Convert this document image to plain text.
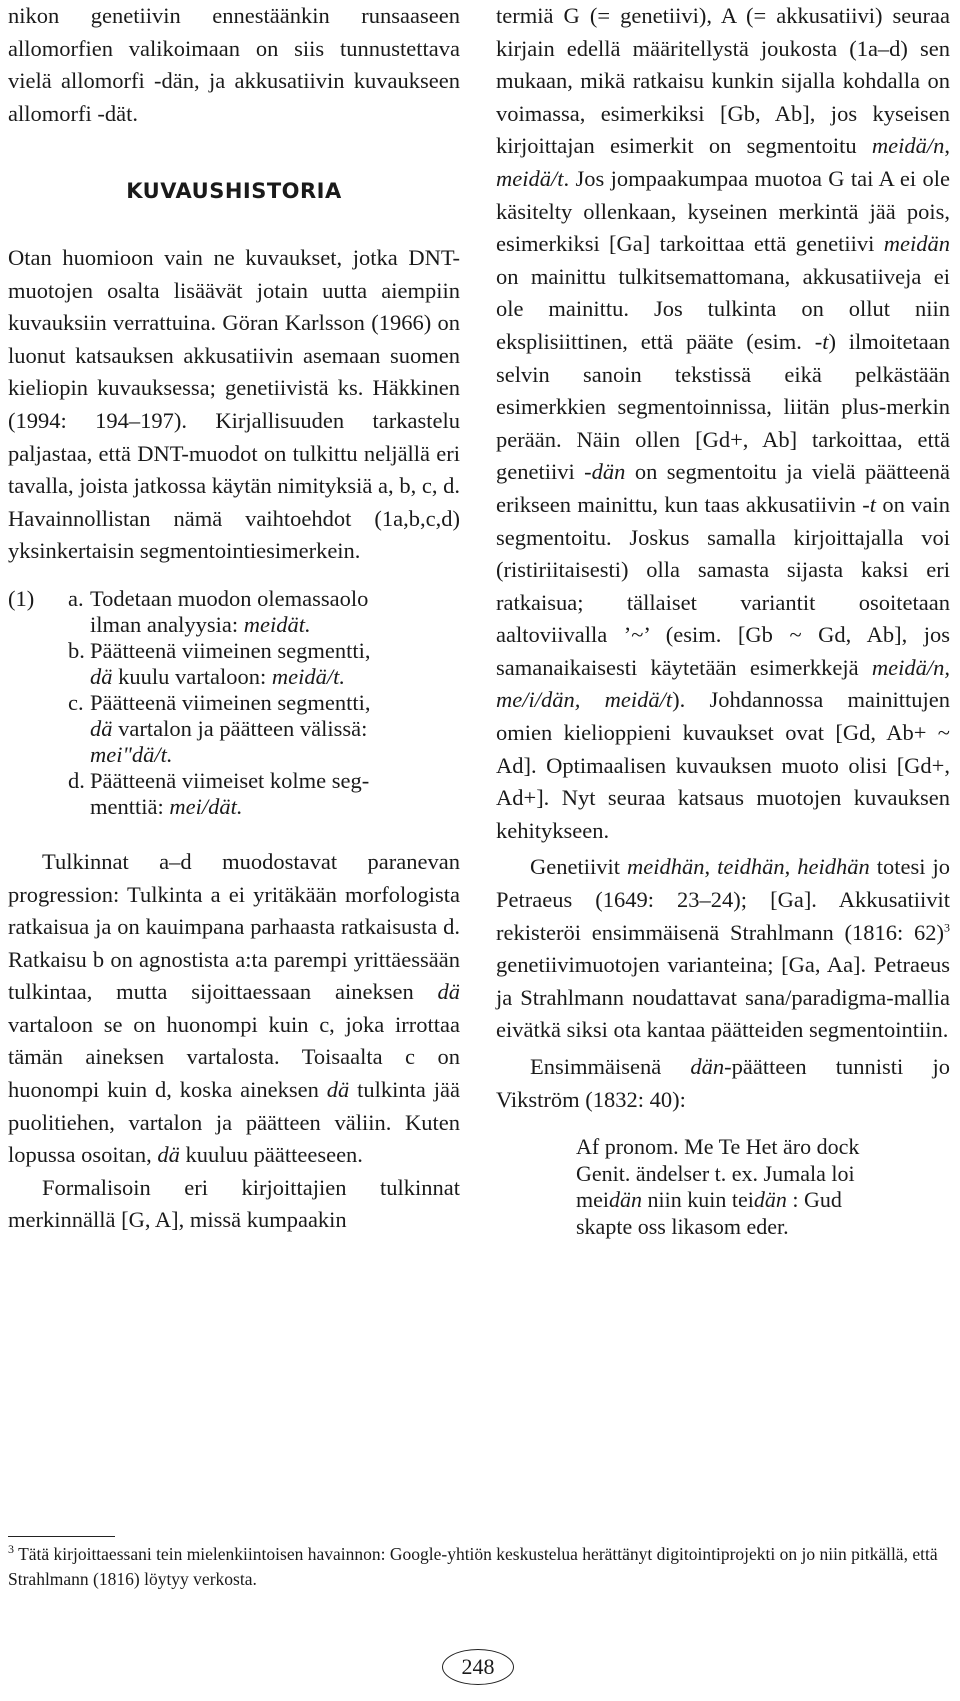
nikon genetiivin ennestäänkin runsaaseen allomorfien valikoimaan on siis tunnustettava vielä allomorfi -dän, ja akkusatiivin kuvaukseen allomorfi -dät.

KUVAUSHISTORIA

Otan huomioon vain ne kuvaukset, jotka DNT-muotojen osalta lisäävät jotain uutta aiempiin kuvauksiin verrattuina. Göran Karlsson (1966) on luonut katsauksen akkusatiivin asemaan suomen kieliopin kuvauksessa; genetiivistä ks. Häkkinen (1994: 194–197). Kirjallisuuden tarkastelu paljastaa, että DNT-muodot on tulkittu neljällä eri tavalla, joista jatkossa käytän nimityksiä a, b, c, d. Havainnollistan nämä vaihtoehdot (1a,b,c,d) yksinkertaisin segmentointiesimerkein.

(1) a. Todetaan muodon olemassaolo
ilman analyysia: meidät.
b. Päätteenä viimeinen segmentti,
dä kuulu vartaloon: meidä/t.
c. Päätteenä viimeinen segmentti,
dä vartalon ja päätteen välissä:
mei"dä/t.
d. Päätteenä viimeiset kolme seg-
menttiä: mei/dät.

Tulkinnat a–d muodostavat paranevan progression: Tulkinta a ei yritäkään morfologista ratkaisua ja on kauimpana parhaasta ratkaisusta d. Ratkaisu b on agnostista a:ta parempi yrittäessään tulkintaa, mutta sijoittaessaan aineksen dä vartaloon se on huonompi kuin c, joka irrottaa tämän aineksen vartalosta. Toisaalta c on huonompi kuin d, koska aineksen dä tulkinta jää puolitiehen, vartalon ja päätteen väliin. Kuten lopussa osoitan, dä kuuluu päätteeseen.

Formalisoin eri kirjoittajien tulkinnat merkinnällä [G, A], missä kumpaakin

termiä G (= genetiivi), A (= akkusatiivi) seuraa kirjain edellä määritellystä joukosta (1a–d) sen mukaan, mikä ratkaisu kunkin sijalla kohdalla on voimassa, esimerkiksi [Gb, Ab], jos kyseisen kirjoittajan esimerkit on segmentoitu meidä/n, meidä/t. Jos jompaakumpaa muotoa G tai A ei ole käsitelty ollenkaan, kyseinen merkintä jää pois, esimerkiksi [Ga] tarkoittaa että genetiivi meidän on mainittu tulkitsemattomana, akkusatiiveja ei ole mainittu. Jos tulkinta on ollut niin eksplisiittinen, että pääte (esim. -t) ilmoitetaan selvin sanoin tekstissä eikä pelkästään esimerkkien segmentoinnissa, liitän plus-merkin perään. Näin ollen [Gd+, Ab] tarkoittaa, että genetiivi -dän on segmentoitu ja vielä päätteenä erikseen mainittu, kun taas akkusatiivin -t on vain segmentoitu. Joskus samalla kirjoittajalla voi (ristiriitaisesti) olla samasta sijasta kaksi eri ratkaisua; tällaiset variantit osoitetaan aaltoviivalla ’~’ (esim. [Gb ~ Gd, Ab], jos samanaikaisesti käytetään esimerkkejä meidä/n, me/i/dän, meidä/t). Johdannossa mainittujen omien kielioppieni kuvaukset ovat [Gd, Ab+ ~ Ad]. Optimaalisen kuvauksen muoto olisi [Gd+, Ad+]. Nyt seuraa katsaus muotojen kuvauksen kehitykseen.

Genetiivit meidhän, teidhän, heidhän totesi jo Petraeus (1649: 23–24); [Ga]. Akkusatiivit rekisteröi ensimmäisenä Strahlmann (1816: 62)$^3$ genetiivimuotojen varianteina; [Ga, Aa]. Petraeus ja Strahlmann noudattavat sana/paradigma-mallia eivätkä siksi ota kantaa päätteiden segmentointiin.

Ensimmäisenä dän-päätteen tunnisti jo Vikström (1832: 40):

Af pronom. Me Te Het äro dock
Genit. ändelser t. ex. Jumala loi
meidän niin kuin teidän : Gud
skapte oss likasom eder.
$^3$ Tätä kirjoittaessani tein mielenkiintoisen havainnon: Google-yhtiön keskustelua herättänyt digitointiprojekti on jo niin pitkällä, että Strahlmann (1816) löytyy verkosta.
248
